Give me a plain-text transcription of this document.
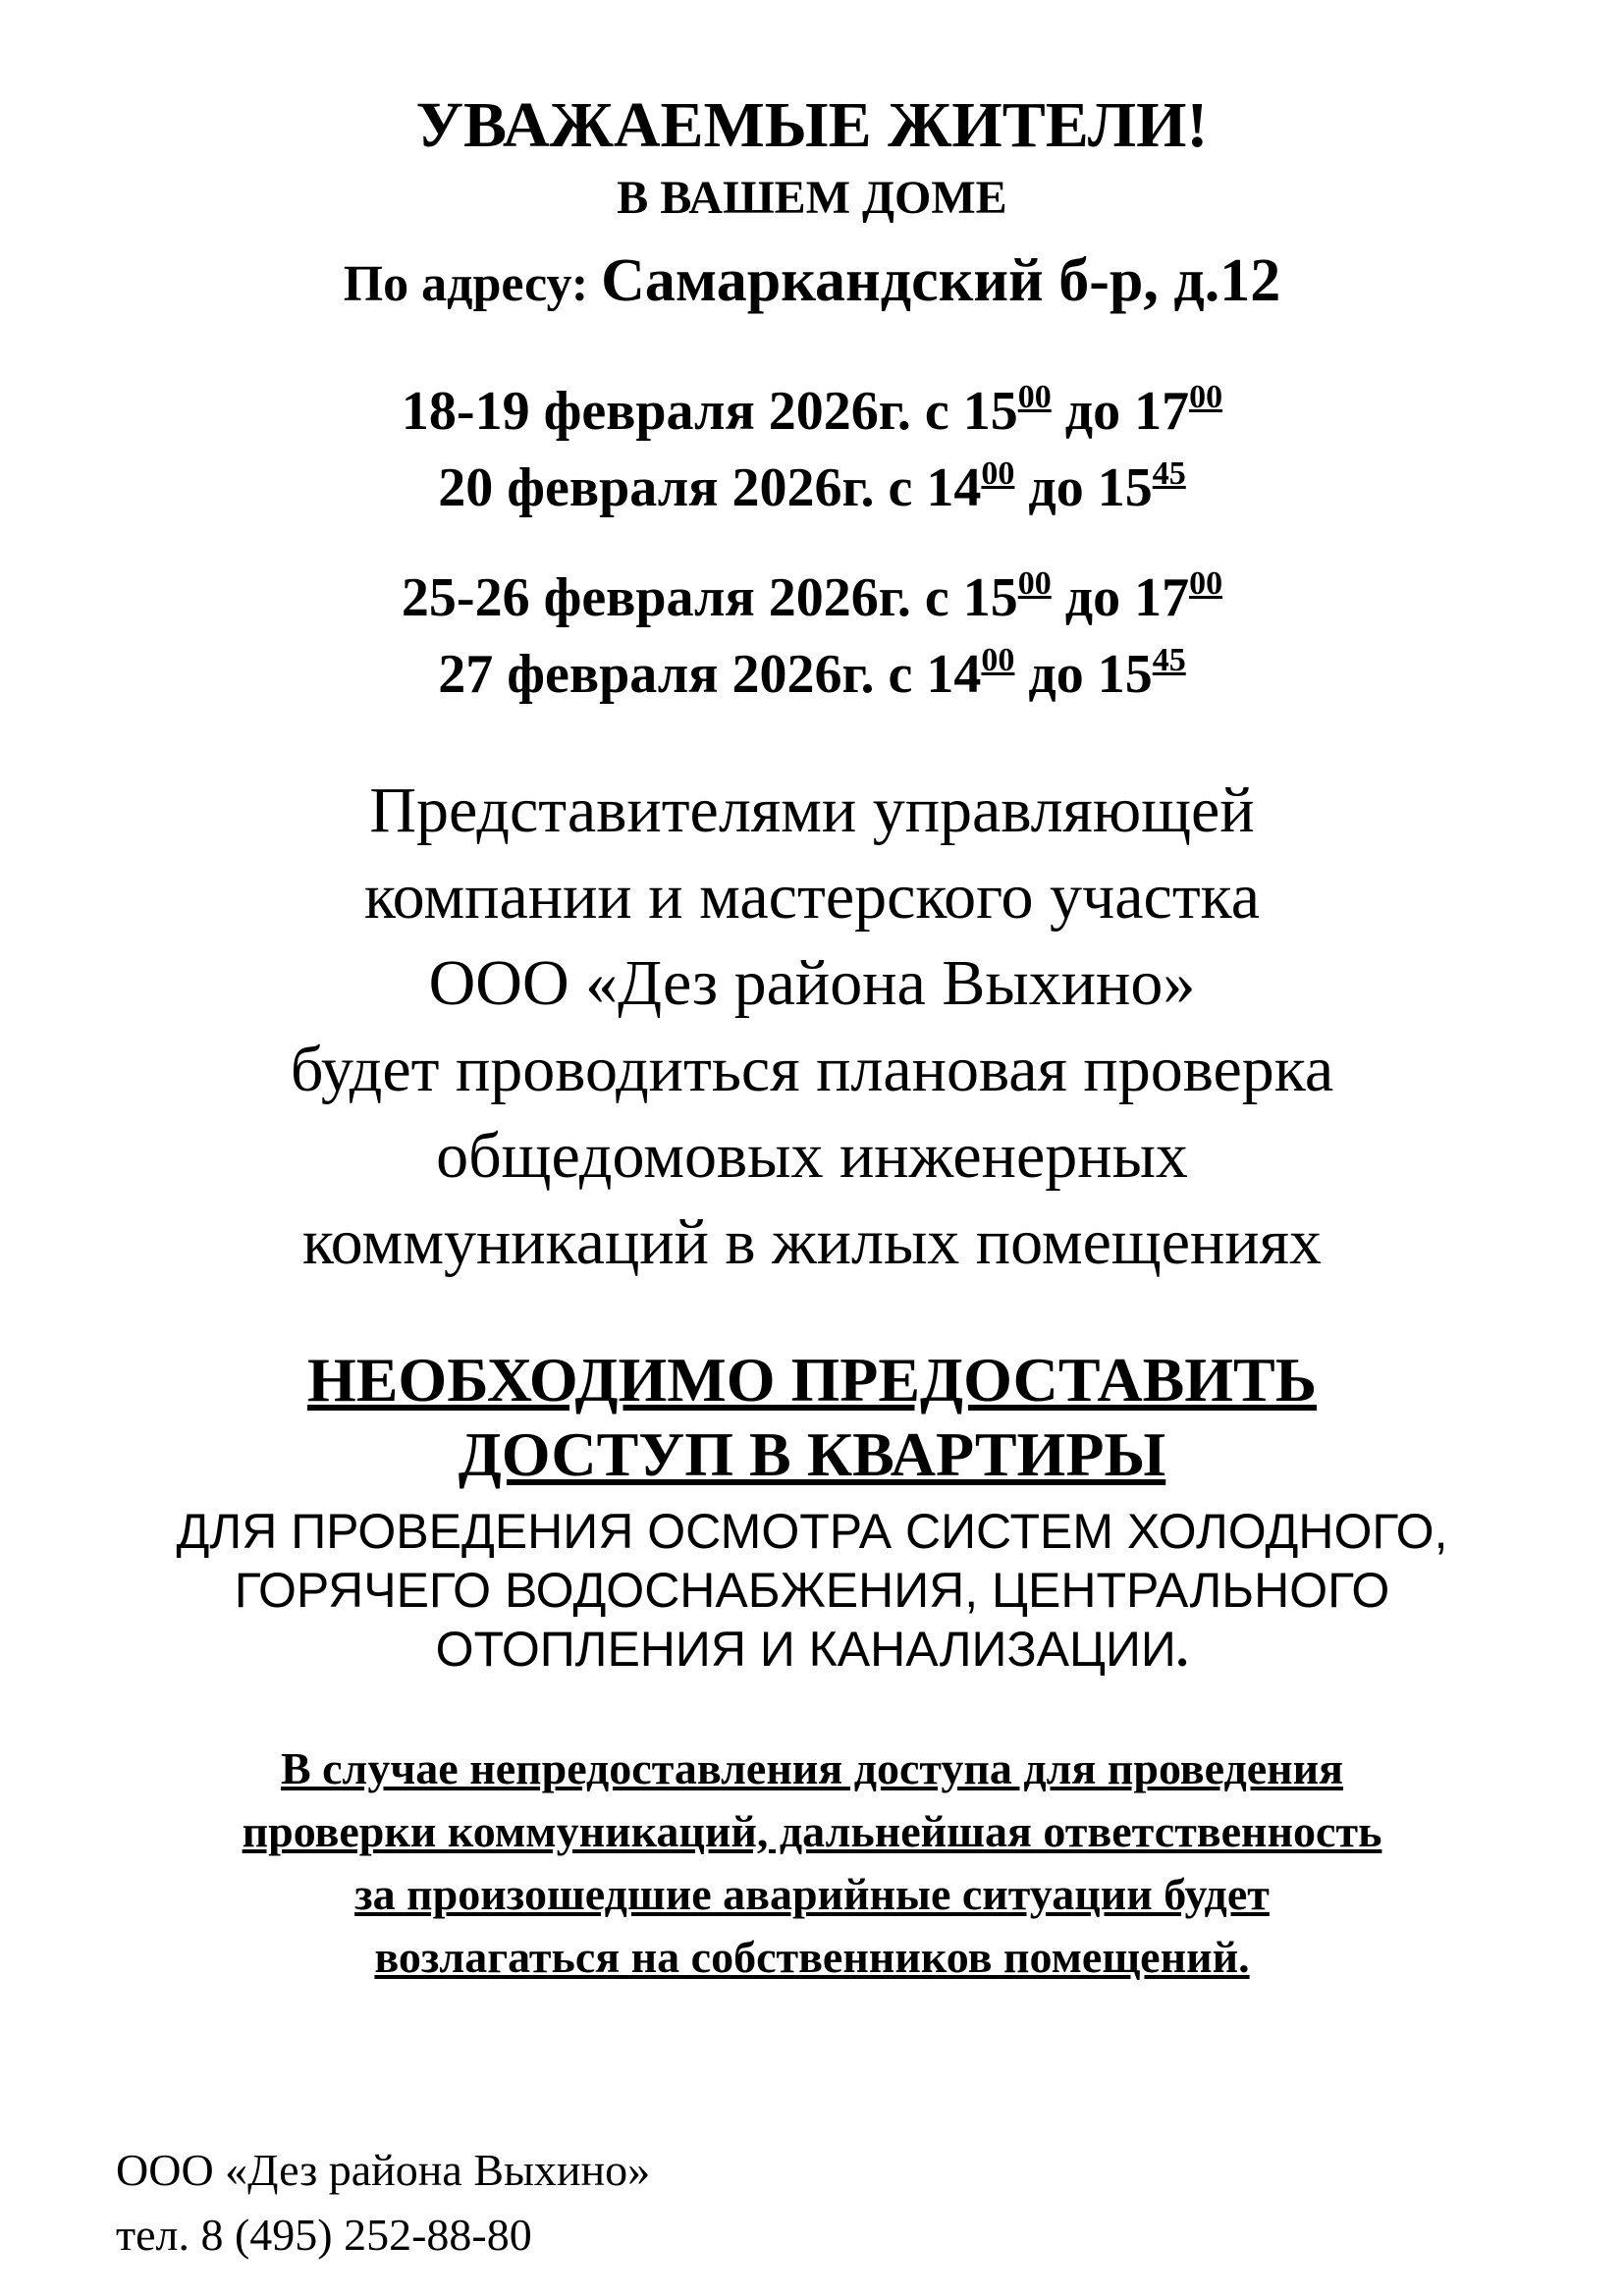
УВАЖАЕМЫЕ ЖИТЕЛИ!
В ВАШЕМ ДОМЕ
По адресу: Самаркандский б-р, д.12
18-19 февраля 2026г. с $15^{00}$ до $17^{00}$
20 февраля 2026г. с $14^{00}$ до $15^{45}$
25-26 февраля 2026г. с $15^{00}$ до $17^{00}$
27 февраля 2026г. с $14^{00}$ до $15^{45}$
Представителями управляющей
компании и мастерского участка
ООО «Дез района Выхино»
будет проводиться плановая проверка
общедомовых инженерных
коммуникаций в жилых помещениях
НЕОБХОДИМО ПРЕДОСТАВИТЬ
ДОСТУП В КВАРТИРЫ
ДЛЯ ПРОВЕДЕНИЯ ОСМОТРА СИСТЕМ ХОЛОДНОГО,
ГОРЯЧЕГО ВОДОСНАБЖЕНИЯ, ЦЕНТРАЛЬНОГО
ОТОПЛЕНИЯ И КАНАЛИЗАЦИИ.
В случае непредоставления доступа для проведения
проверки коммуникаций, дальнейшая ответственность
за произошедшие аварийные ситуации будет
возлагаться на собственников помещений.
ООО «Дез района Выхино»
тел. 8 (495) 252-88-80
